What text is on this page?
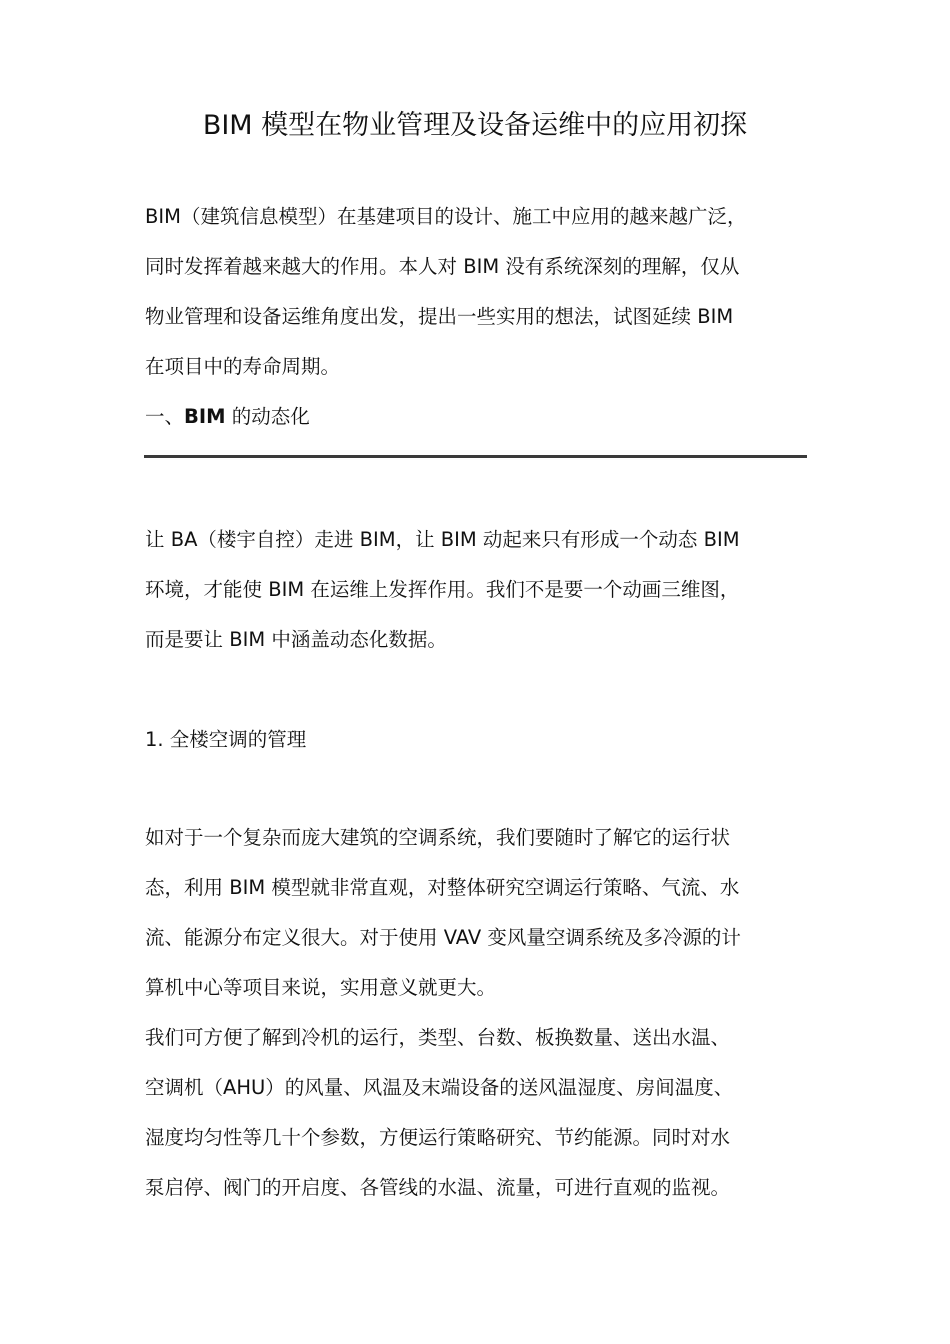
BIM 模型在物业管理及设备运维中的应用初探
BIM（建筑信息模型）在基建项目的设计、施工中应用的越来越广泛，
同时发挥着越来越大的作用。本人对 BIM 没有系统深刻的理解，仅从
物业管理和设备运维角度出发，提出一些实用的想法，试图延续 BIM
在项目中的寿命周期。
一、BIM 的动态化
让 BA（楼宇自控）走进 BIM，让 BIM 动起来只有形成一个动态 BIM
环境，才能使 BIM 在运维上发挥作用。我们不是要一个动画三维图，
而是要让 BIM 中涵盖动态化数据。
1. 全楼空调的管理
如对于一个复杂而庞大建筑的空调系统，我们要随时了解它的运行状
态，利用 BIM 模型就非常直观，对整体研究空调运行策略、气流、水
流、能源分布定义很大。对于使用 VAV 变风量空调系统及多冷源的计
算机中心等项目来说，实用意义就更大。
我们可方便了解到冷机的运行，类型、台数、板换数量、送出水温、
空调机（AHU）的风量、风温及末端设备的送风温湿度、房间温度、
湿度均匀性等几十个参数，方便运行策略研究、节约能源。同时对水
泵启停、阀门的开启度、各管线的水温、流量，可进行直观的监视。
